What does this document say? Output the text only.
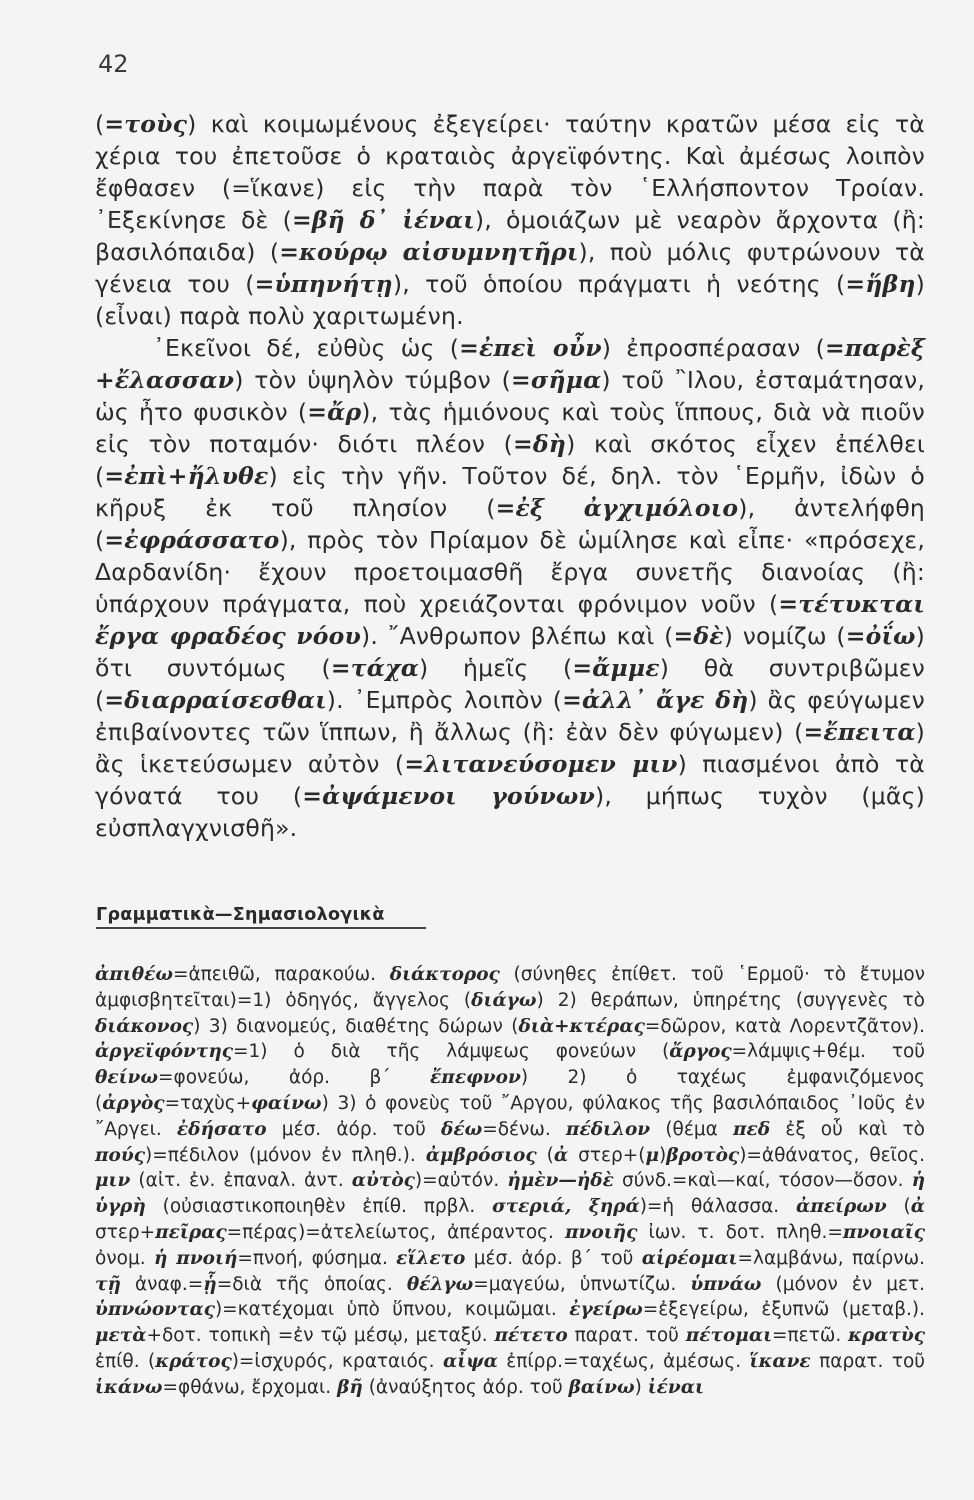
42

(=τοὺς) καὶ κοιμωμένους ἐξεγείρει· ταύτην κρατῶν μέσα εἰς τὰ χέρια του ἐπετοῦσε ὁ κραταιὸς ἀργεϊφόντης. Καὶ ἀμέσως λοιπὸν ἔφθασεν (=ἵκανε) εἰς τὴν παρὰ τὸν ῾Ελλήσποντον Τροίαν. ᾿Εξεκίνησε δὲ (=βῆ δ᾿ ἰέναι), ὁμοιάζων μὲ νεαρὸν ἄρχοντα (ἢ: βασιλόπαιδα) (=κούρῳ αἰσυμνητῆρι), ποὺ μόλις φυτρώνουν τὰ γένεια του (=ὑπηνήτῃ), τοῦ ὁποίου πράγματι ἡ νεότης (=ἥβη) (εἶναι) παρὰ πολὺ χαριτωμένη.

᾿Εκεῖνοι δέ, εὐθὺς ὡς (=ἐπεὶ οὖν) ἐπροσπέρασαν (=παρὲξ +ἔλασσαν) τὸν ὑψηλὸν τύμβον (=σῆμα) τοῦ ῍Ιλου, ἐσταμάτησαν, ὡς ἦτο φυσικὸν (=ἄρ), τὰς ἡμιόνους καὶ τοὺς ἵππους, διὰ νὰ πιοῦν εἰς τὸν ποταμόν· διότι πλέον (=δὴ) καὶ σκότος εἶχεν ἐπέλθει (=ἐπὶ+ἤλυθε) εἰς τὴν γῆν. Τοῦτον δέ, δηλ. τὸν ῾Ερμῆν, ἰδὼν ὁ κῆρυξ ἐκ τοῦ πλησίον (=ἐξ ἀγχιμόλοιο), ἀντελήφθη (=ἐφράσσατο), πρὸς τὸν Πρίαμον δὲ ὡμίλησε καὶ εἶπε· «πρόσεχε, Δαρδανίδη· ἔχουν προετοιμασθῆ ἔργα συνετῆς διανοίας (ἢ: ὑπάρχουν πράγματα, ποὺ χρειάζονται φρόνιμον νοῦν (=τέτυκται ἔργα φραδέος νόου). ῎Ανθρωπον βλέπω καὶ (=δὲ) νομίζω (=ὀΐω) ὅτι συντόμως (=τάχα) ἡμεῖς (=ἄμμε) θὰ συντριβῶμεν (=διαρραίσεσθαι). ᾿Εμπρὸς λοιπὸν (=ἀλλ᾿ ἄγε δὴ) ἂς φεύγωμεν ἐπιβαίνοντες τῶν ἵππων, ἢ ἄλλως (ἢ: ἐὰν δὲν φύγωμεν) (=ἔπειτα) ἂς ἱκετεύσωμεν αὐτὸν (=λιτανεύσομεν μιν) πιασμένοι ἀπὸ τὰ γόνατά του (=ἀψάμενοι γούνων), μήπως τυχὸν (μᾶς) εὐσπλαγχνισθῆ».

Γραμματικὰ—Σημασιολογικὰ

ἀπιθέω=ἀπειθῶ, παρακούω. διάκτορος (σύνηθες ἐπίθετ. τοῦ ῾Ερμοῦ· τὸ ἔτυμον ἀμφισβητεῖται)=1) ὁδηγός, ἄγγελος (διάγω) 2) θεράπων, ὑπηρέτης (συγγενὲς τὸ διάκονος) 3) διανομεύς, διαθέτης δώρων (διὰ+κτέρας=δῶρον, κατὰ Λορεντζᾶτον). ἀργεϊφόντης=1) ὁ διὰ τῆς λάμψεως φονεύων (ἄργος=λάμψις+θέμ. τοῦ θείνω=φονεύω, ἀόρ. β´ ἔπεφνον) 2) ὁ ταχέως ἐμφανιζόμενος (ἀργὸς=ταχὺς+φαίνω) 3) ὁ φονεὺς τοῦ ῎Αργου, φύλακος τῆς βασιλόπαιδος ᾿Ιοῦς ἐν ῎Αργει. ἐδήσατο μέσ. ἀόρ. τοῦ δέω=δένω. πέδιλον (θέμα πεδ ἐξ οὗ καὶ τὸ πούς)=πέδιλον (μόνον ἐν πληθ.). ἀμβρόσιος (ἀ στερ+(μ)βροτὸς)=ἀθάνατος, θεῖος. μιν (αἰτ. ἐν. ἐπαναλ. ἀντ. αὐτὸς)=αὐτόν. ἠμὲν—ἠδὲ σύνδ.=καὶ—καί, τόσον—ὅσον. ἡ ὑγρὴ (οὐσιαστικοποιηθὲν ἐπίθ. πρβλ. στεριά, ξηρά)=ἡ θάλασσα. ἀπείρων (ἀ στερ+πεῖρας=πέρας)=ἀτελείωτος, ἀπέραντος. πνοιῆς ἰων. τ. δοτ. πληθ.=πνοιαῖς ὀνομ. ἡ πνοιή=πνοή, φύσημα. εἵλετο μέσ. ἀόρ. β´ τοῦ αἱρέομαι=λαμβάνω, παίρνω. τῇ ἀναφ.=ᾗ=διὰ τῆς ὁποίας. θέλγω=μαγεύω, ὑπνωτίζω. ὑπνάω (μόνον ἐν μετ. ὑπνώοντας)=κατέχομαι ὑπὸ ὕπνου, κοιμῶμαι. ἐγείρω=ἐξεγείρω, ἐξυπνῶ (μεταβ.). μετὰ+δοτ. τοπικὴ =ἐν τῷ μέσῳ, μεταξύ. πέτετο παρατ. τοῦ πέτομαι=πετῶ. κρατὺς ἐπίθ. (κράτος)=ἰσχυρός, κραταιός. αἶψα ἐπίρρ.=ταχέως, ἀμέσως. ἵκανε παρατ. τοῦ ἱκάνω=φθάνω, ἔρχομαι. βῆ (ἀναύξητος ἀόρ. τοῦ βαίνω) ἰέναι
